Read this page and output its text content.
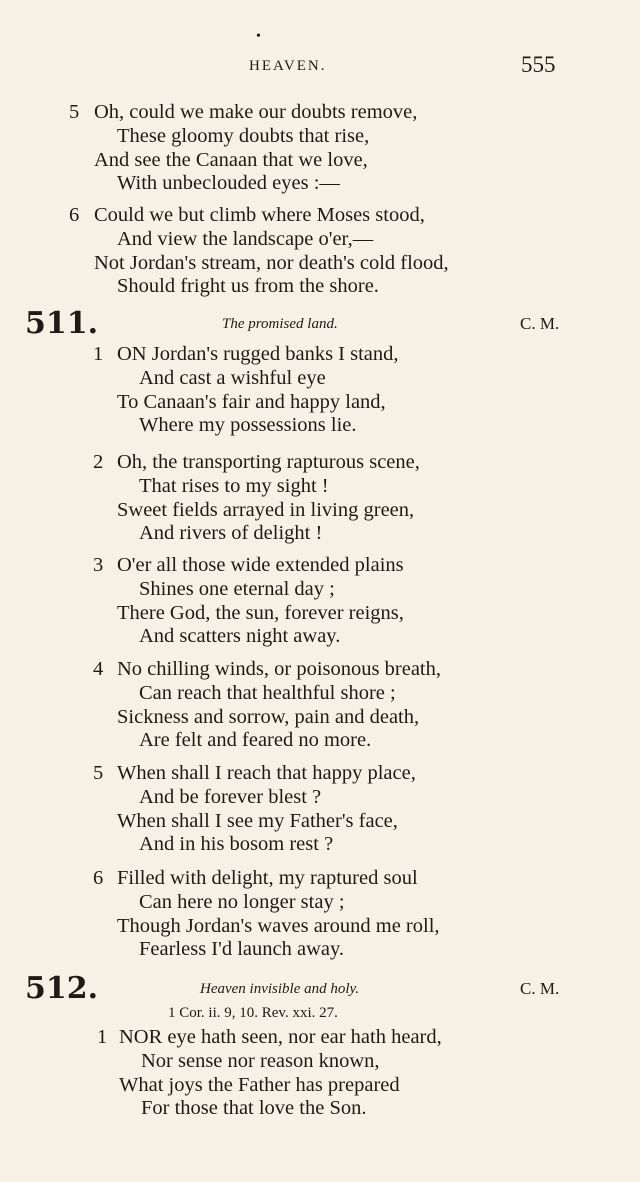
•
HEAVEN.	555
5 Oh, could we make our doubts remove,
These gloomy doubts that rise,
And see the Canaan that we love,
With unbeclouded eyes :—
6 Could we but climb where Moses stood,
And view the landscape o'er,—
Not Jordan's stream, nor death's cold flood,
Should fright us from the shore.
511.	The promised land.	C. M.
1 ON Jordan's rugged banks I stand,
And cast a wishful eye
To Canaan's fair and happy land,
Where my possessions lie.
2 Oh, the transporting rapturous scene,
That rises to my sight !
Sweet fields arrayed in living green,
And rivers of delight !
3 O'er all those wide extended plains
Shines one eternal day ;
There God, the sun, forever reigns,
And scatters night away.
4 No chilling winds, or poisonous breath,
Can reach that healthful shore ;
Sickness and sorrow, pain and death,
Are felt and feared no more.
5 When shall I reach that happy place,
And be forever blest ?
When shall I see my Father's face,
And in his bosom rest ?
6 Filled with delight, my raptured soul
Can here no longer stay ;
Though Jordan's waves around me roll,
Fearless I'd launch away.
512.	Heaven invisible and holy.	C. M.
1 Cor. ii. 9, 10. Rev. xxi. 27.
1 NOR eye hath seen, nor ear hath heard,
Nor sense nor reason known,
What joys the Father has prepared
For those that love the Son.
